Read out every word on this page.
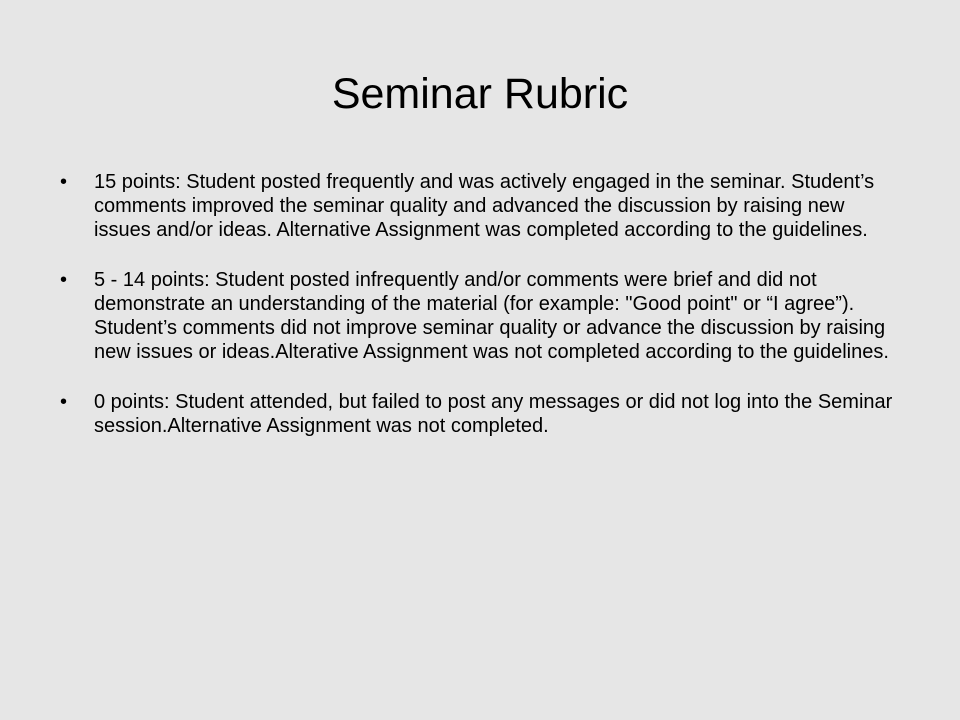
Seminar Rubric
•	15 points: Student posted frequently and was actively engaged in the seminar. Student’s comments improved the seminar quality and advanced the discussion by raising new issues and/or ideas. Alternative Assignment was completed according to the guidelines.
•	5 - 14 points: Student posted infrequently and/or comments were brief and did not demonstrate an understanding of the material (for example: "Good point" or “I agree”). Student’s comments did not improve seminar quality or advance the discussion by raising new issues or ideas.Alterative Assignment was not completed according to the guidelines.
•	0 points: Student attended, but failed to post any messages or did not log into the Seminar session.Alternative Assignment was not completed.
